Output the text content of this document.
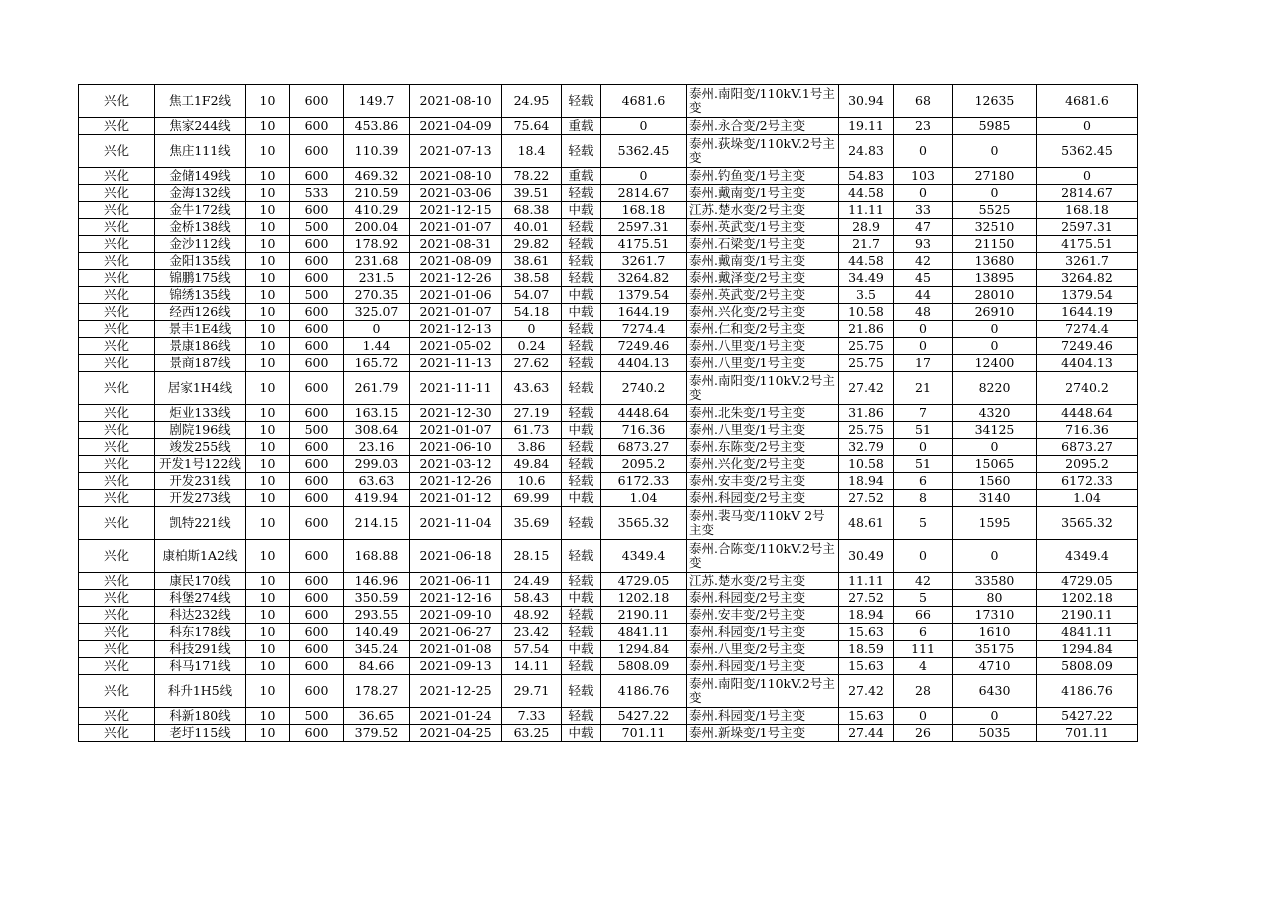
兴化	焦工1F2线	10	600	149.7	2021-08-10	24.95	轻载	4681.6	泰州.南阳变/110kV.1号主变	30.94	68	12635	4681.6
兴化	焦家244线	10	600	453.86	2021-04-09	75.64	重载	0	泰州.永合变/2号主变	19.11	23	5985	0
兴化	焦庄111线	10	600	110.39	2021-07-13	18.4	轻载	5362.45	泰州.荻垛变/110kV.2号主变	24.83	0	0	5362.45
兴化	金储149线	10	600	469.32	2021-08-10	78.22	重载	0	泰州.钓鱼变/1号主变	54.83	103	27180	0
兴化	金海132线	10	533	210.59	2021-03-06	39.51	轻载	2814.67	泰州.戴南变/1号主变	44.58	0	0	2814.67
兴化	金牛172线	10	600	410.29	2021-12-15	68.38	中载	168.18	江苏.楚水变/2号主变	11.11	33	5525	168.18
兴化	金桥138线	10	500	200.04	2021-01-07	40.01	轻载	2597.31	泰州.英武变/1号主变	28.9	47	32510	2597.31
兴化	金沙112线	10	600	178.92	2021-08-31	29.82	轻载	4175.51	泰州.石梁变/1号主变	21.7	93	21150	4175.51
兴化	金阳135线	10	600	231.68	2021-08-09	38.61	轻载	3261.7	泰州.戴南变/1号主变	44.58	42	13680	3261.7
兴化	锦鹏175线	10	600	231.5	2021-12-26	38.58	轻载	3264.82	泰州.戴泽变/2号主变	34.49	45	13895	3264.82
兴化	锦绣135线	10	500	270.35	2021-01-06	54.07	中载	1379.54	泰州.英武变/2号主变	3.5	44	28010	1379.54
兴化	经西126线	10	600	325.07	2021-01-07	54.18	中载	1644.19	泰州.兴化变/2号主变	10.58	48	26910	1644.19
兴化	景丰1E4线	10	600	0	2021-12-13	0	轻载	7274.4	泰州.仁和变/2号主变	21.86	0	0	7274.4
兴化	景康186线	10	600	1.44	2021-05-02	0.24	轻载	7249.46	泰州.八里变/1号主变	25.75	0	0	7249.46
兴化	景商187线	10	600	165.72	2021-11-13	27.62	轻载	4404.13	泰州.八里变/1号主变	25.75	17	12400	4404.13
兴化	居家1H4线	10	600	261.79	2021-11-11	43.63	轻载	2740.2	泰州.南阳变/110kV.2号主变	27.42	21	8220	2740.2
兴化	炬业133线	10	600	163.15	2021-12-30	27.19	轻载	4448.64	泰州.北朱变/1号主变	31.86	7	4320	4448.64
兴化	剧院196线	10	500	308.64	2021-01-07	61.73	中载	716.36	泰州.八里变/1号主变	25.75	51	34125	716.36
兴化	竣发255线	10	600	23.16	2021-06-10	3.86	轻载	6873.27	泰州.东陈变/2号主变	32.79	0	0	6873.27
兴化	开发1号122线	10	600	299.03	2021-03-12	49.84	轻载	2095.2	泰州.兴化变/2号主变	10.58	51	15065	2095.2
兴化	开发231线	10	600	63.63	2021-12-26	10.6	轻载	6172.33	泰州.安丰变/2号主变	18.94	6	1560	6172.33
兴化	开发273线	10	600	419.94	2021-01-12	69.99	中载	1.04	泰州.科园变/2号主变	27.52	8	3140	1.04
兴化	凯特221线	10	600	214.15	2021-11-04	35.69	轻载	3565.32	泰州.裴马变/110kV 2号主变	48.61	5	1595	3565.32
兴化	康柏斯1A2线	10	600	168.88	2021-06-18	28.15	轻载	4349.4	泰州.合陈变/110kV.2号主变	30.49	0	0	4349.4
兴化	康民170线	10	600	146.96	2021-06-11	24.49	轻载	4729.05	江苏.楚水变/2号主变	11.11	42	33580	4729.05
兴化	科堡274线	10	600	350.59	2021-12-16	58.43	中载	1202.18	泰州.科园变/2号主变	27.52	5	80	1202.18
兴化	科达232线	10	600	293.55	2021-09-10	48.92	轻载	2190.11	泰州.安丰变/2号主变	18.94	66	17310	2190.11
兴化	科东178线	10	600	140.49	2021-06-27	23.42	轻载	4841.11	泰州.科园变/1号主变	15.63	6	1610	4841.11
兴化	科技291线	10	600	345.24	2021-01-08	57.54	中载	1294.84	泰州.八里变/2号主变	18.59	111	35175	1294.84
兴化	科马171线	10	600	84.66	2021-09-13	14.11	轻载	5808.09	泰州.科园变/1号主变	15.63	4	4710	5808.09
兴化	科升1H5线	10	600	178.27	2021-12-25	29.71	轻载	4186.76	泰州.南阳变/110kV.2号主变	27.42	28	6430	4186.76
兴化	科新180线	10	500	36.65	2021-01-24	7.33	轻载	5427.22	泰州.科园变/1号主变	15.63	0	0	5427.22
兴化	老圩115线	10	600	379.52	2021-04-25	63.25	中载	701.11	泰州.新垛变/1号主变	27.44	26	5035	701.11
